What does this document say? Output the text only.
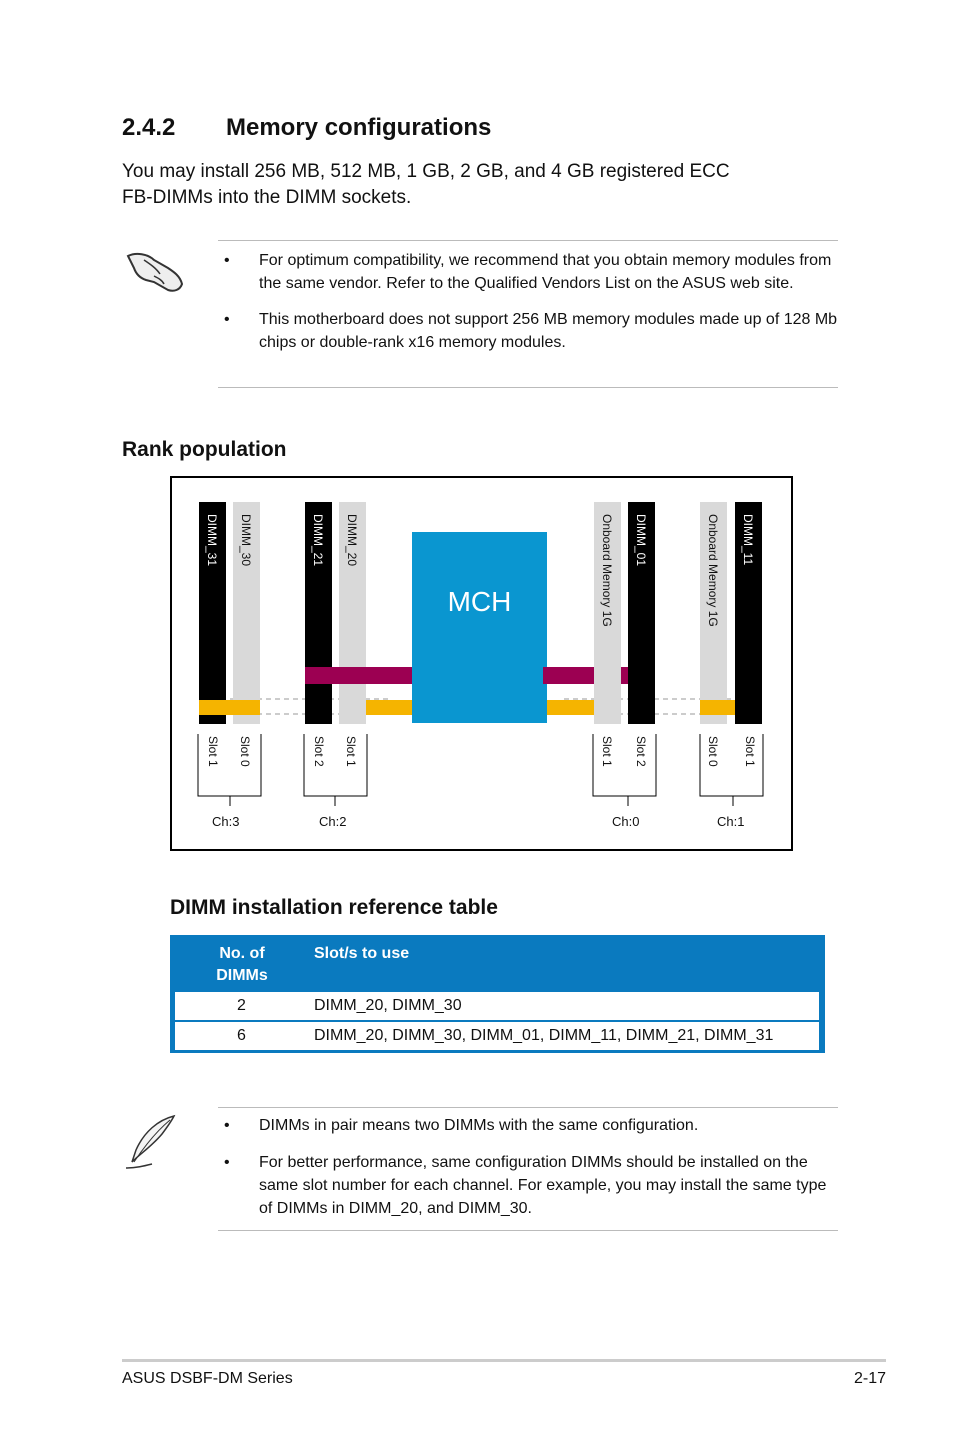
2.4.2 Memory configurations
You may install 256 MB, 512 MB, 1 GB, 2 GB, and 4 GB registered ECC
FB-DIMMs into the DIMM sockets.
• For optimum compatibility, we recommend that you obtain memory modules from the same vendor. Refer to the Qualified Vendors List on the ASUS web site.
• This motherboard does not support 256 MB memory modules made up of 128 Mb chips or double-rank x16 memory modules.
Rank population
DIMM_31 DIMM_30	DIMM_21 DIMM_20
MCH	Onboard Memory 1G DIMM_01	Onboard Memory 1G DIMM_11
Slot 1 Slot 0	Slot 2 Slot 1	Slot 1 Slot 2	Slot 0 Slot 1
Ch:3	Ch:2	Ch:0	Ch:1
DIMM installation reference table
No. of
DIMMs
Slot/s to use
2	DIMM_20, DIMM_30
6	DIMM_20, DIMM_30, DIMM_01, DIMM_11, DIMM_21, DIMM_31
• DIMMs in pair means two DIMMs with the same configuration.
• For better performance, same configuration DIMMs should be installed on the same slot number for each channel. For example, you may install the same type of DIMMs in DIMM_20, and DIMM_30.
ASUS DSBF-DM Series	2-17
